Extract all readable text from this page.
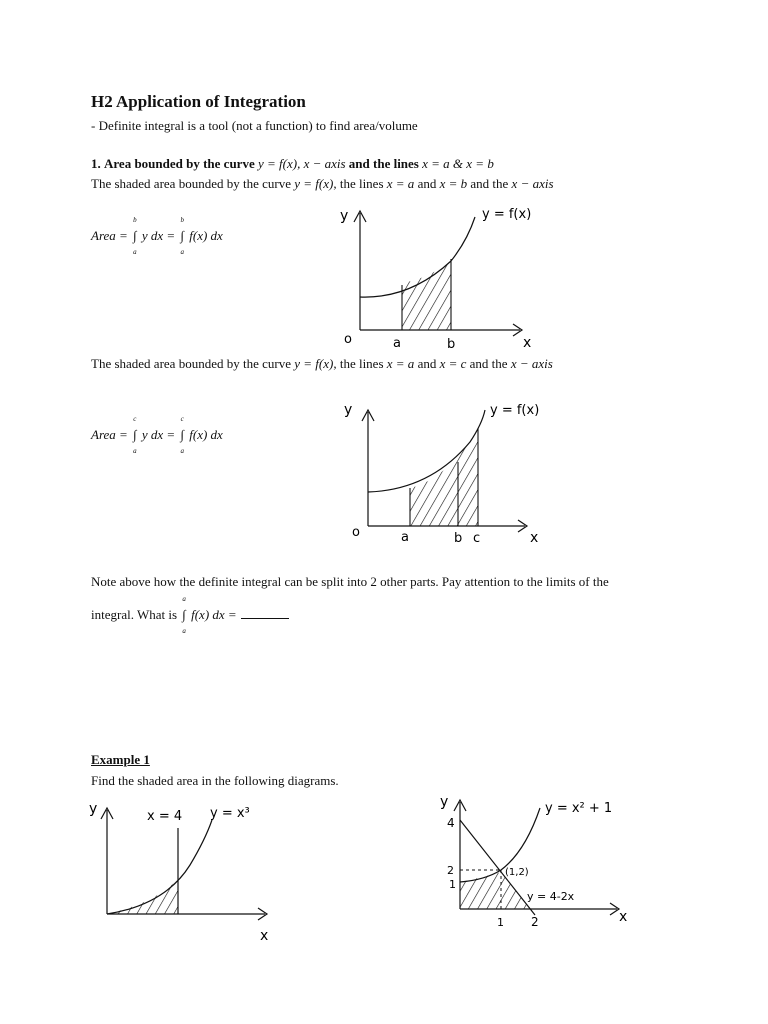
H2 Application of Integration
- Definite integral is a tool (not a function) to find area/volume
1. Area bounded by the curve y = f(x), x − axis and the lines x = a & x = b
The shaded area bounded by the curve y = f(x), the lines x = a and x = b and the x − axis
Area = ∫
b
a
y dx = ∫
b
a
f(x) dx
y	y = f(x)
o	a	b	x
The shaded area bounded by the curve y = f(x), the lines x = a and x = c and the x − axis
Area = ∫
c
a
y dx = ∫
c
a
f(x) dx
y	y = f(x)
o	a	b c	x
Note above how the definite integral can be split into 2 other parts. Pay attention to the limits of the
integral. What is ∫
a
a
f(x) dx =
Example 1
Find the shaded area in the following diagrams.
y	x = 4 y = x³
x
y
4
2
1
1 2
(1,2)
y = x² + 1
y = 4-2x
x
